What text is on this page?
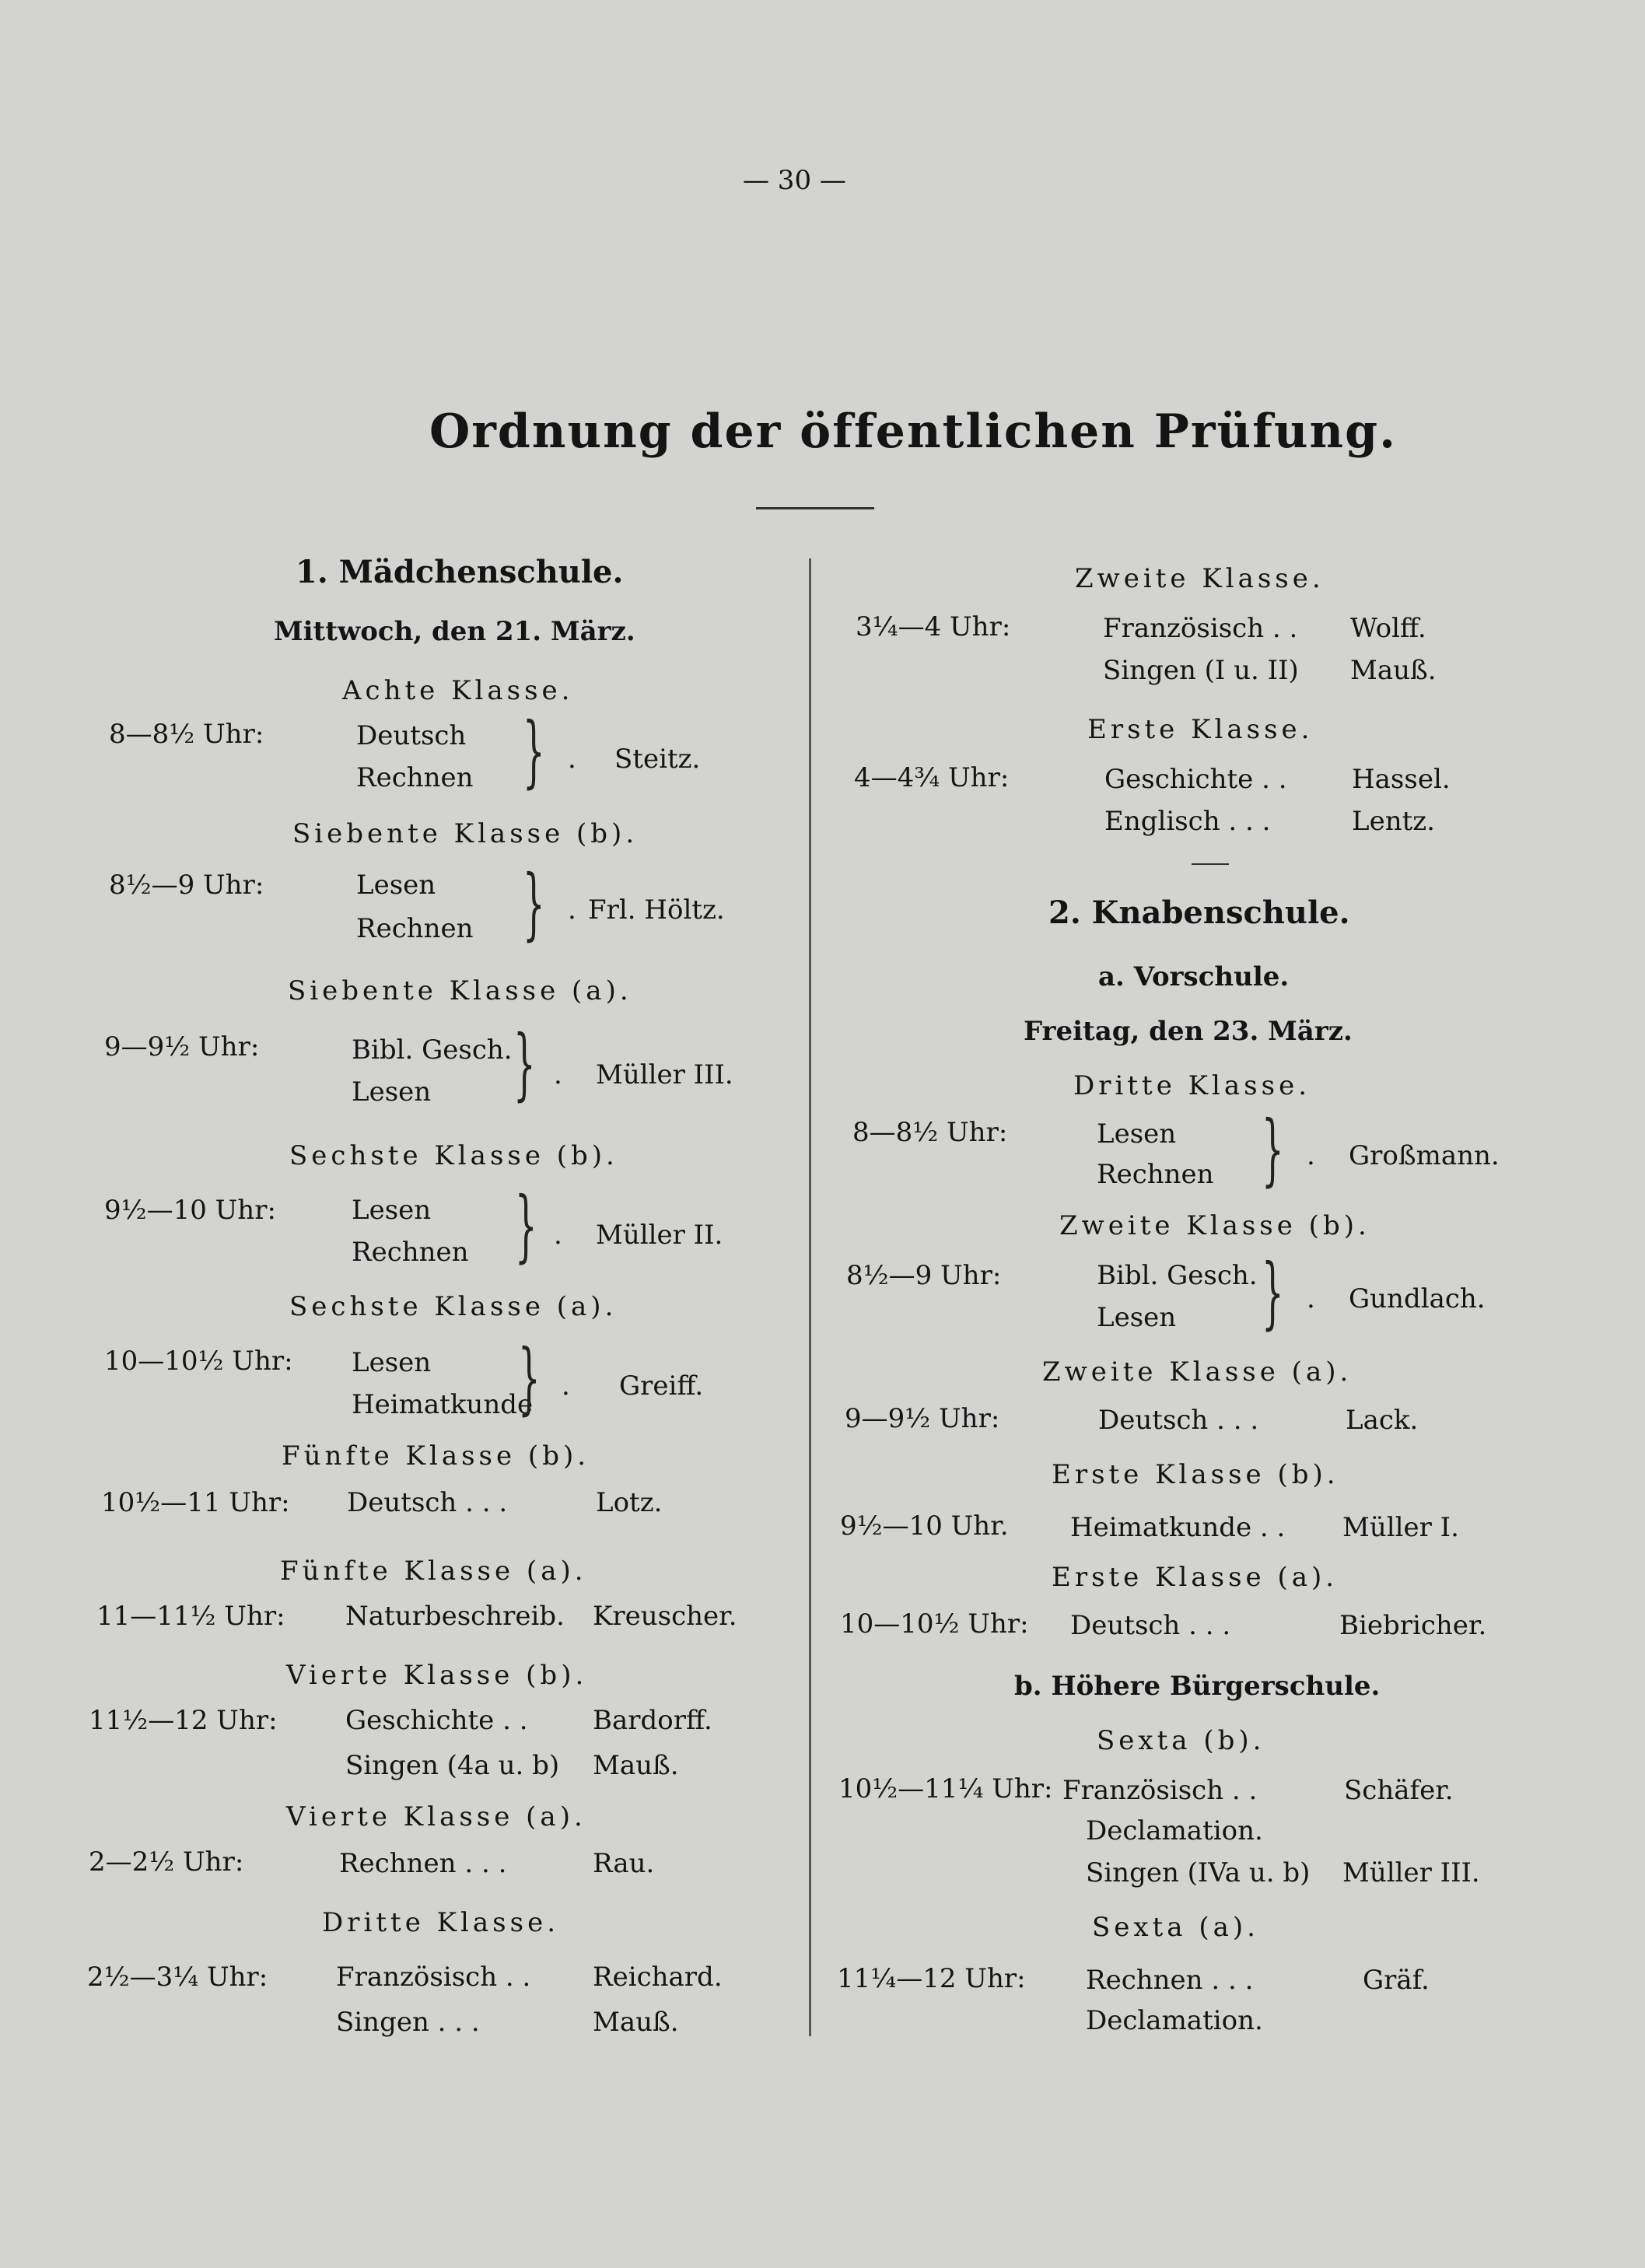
— 30 —
Ordnung der öffentlichen Prüfung.
1. Mädchenschule.
Mittwoch, den 21. März.
Achte Klasse.
8—8½ Uhr:	Deutsch
Rechnen } . Steitz.
Siebente Klasse (b).
8½—9 Uhr:	Lesen
Rechnen } . Frl. Höltz.
Siebente Klasse (a).
9—9½ Uhr:	Bibl. Gesch.
Lesen } . Müller III.
Sechste Klasse (b).
9½—10 Uhr:	Lesen
Rechnen } . Müller II.
Sechste Klasse (a).
10—10½ Uhr: Lesen
Heimatkunde
} . Greiff.
Fünfte Klasse (b).
10½—11 Uhr: Deutsch . . .	Lotz.
Fünfte Klasse (a).
11—11½ Uhr: Naturbeschreib. Kreuscher.
Vierte Klasse (b).
11½—12 Uhr:	Geschichte . . Bardorff.
Singen (4a u. b) Mauß.
Vierte Klasse (a).
2—2½ Uhr:	Rechnen . . .	Rau.
Dritte Klasse.
2½—3¼ Uhr:	Französisch . . Reichard.
Singen . . .	Mauß.
Zweite Klasse.
3¼—4 Uhr:	Französisch . . Wolff.
Singen (I u. II) Mauß.
Erste Klasse.
4—4¾ Uhr:	Geschichte . . Hassel.
Englisch . . .	Lentz.
2. Knabenschule.
a. Vorschule.
Freitag, den 23. März.
Dritte Klasse.
8—8½ Uhr:	Lesen
Rechnen } . Großmann.
Zweite Klasse (b).
8½—9 Uhr:	Bibl. Gesch.
Lesen } . Gundlach.
Zweite Klasse (a).
9—9½ Uhr:	Deutsch . . .	Lack.
Erste Klasse (b).
9½—10 Uhr. Heimatkunde . . Müller I.
Erste Klasse (a).
10—10½ Uhr: Deutsch . . .	Biebricher.
b. Höhere Bürgerschule.
Sexta (b).
10½—11¼ Uhr: Französisch . .	Schäfer.
Declamation.
Singen (IVa u. b) Müller III.
Sexta (a).
11¼—12 Uhr: Rechnen . . .	Gräf.
Declamation.
